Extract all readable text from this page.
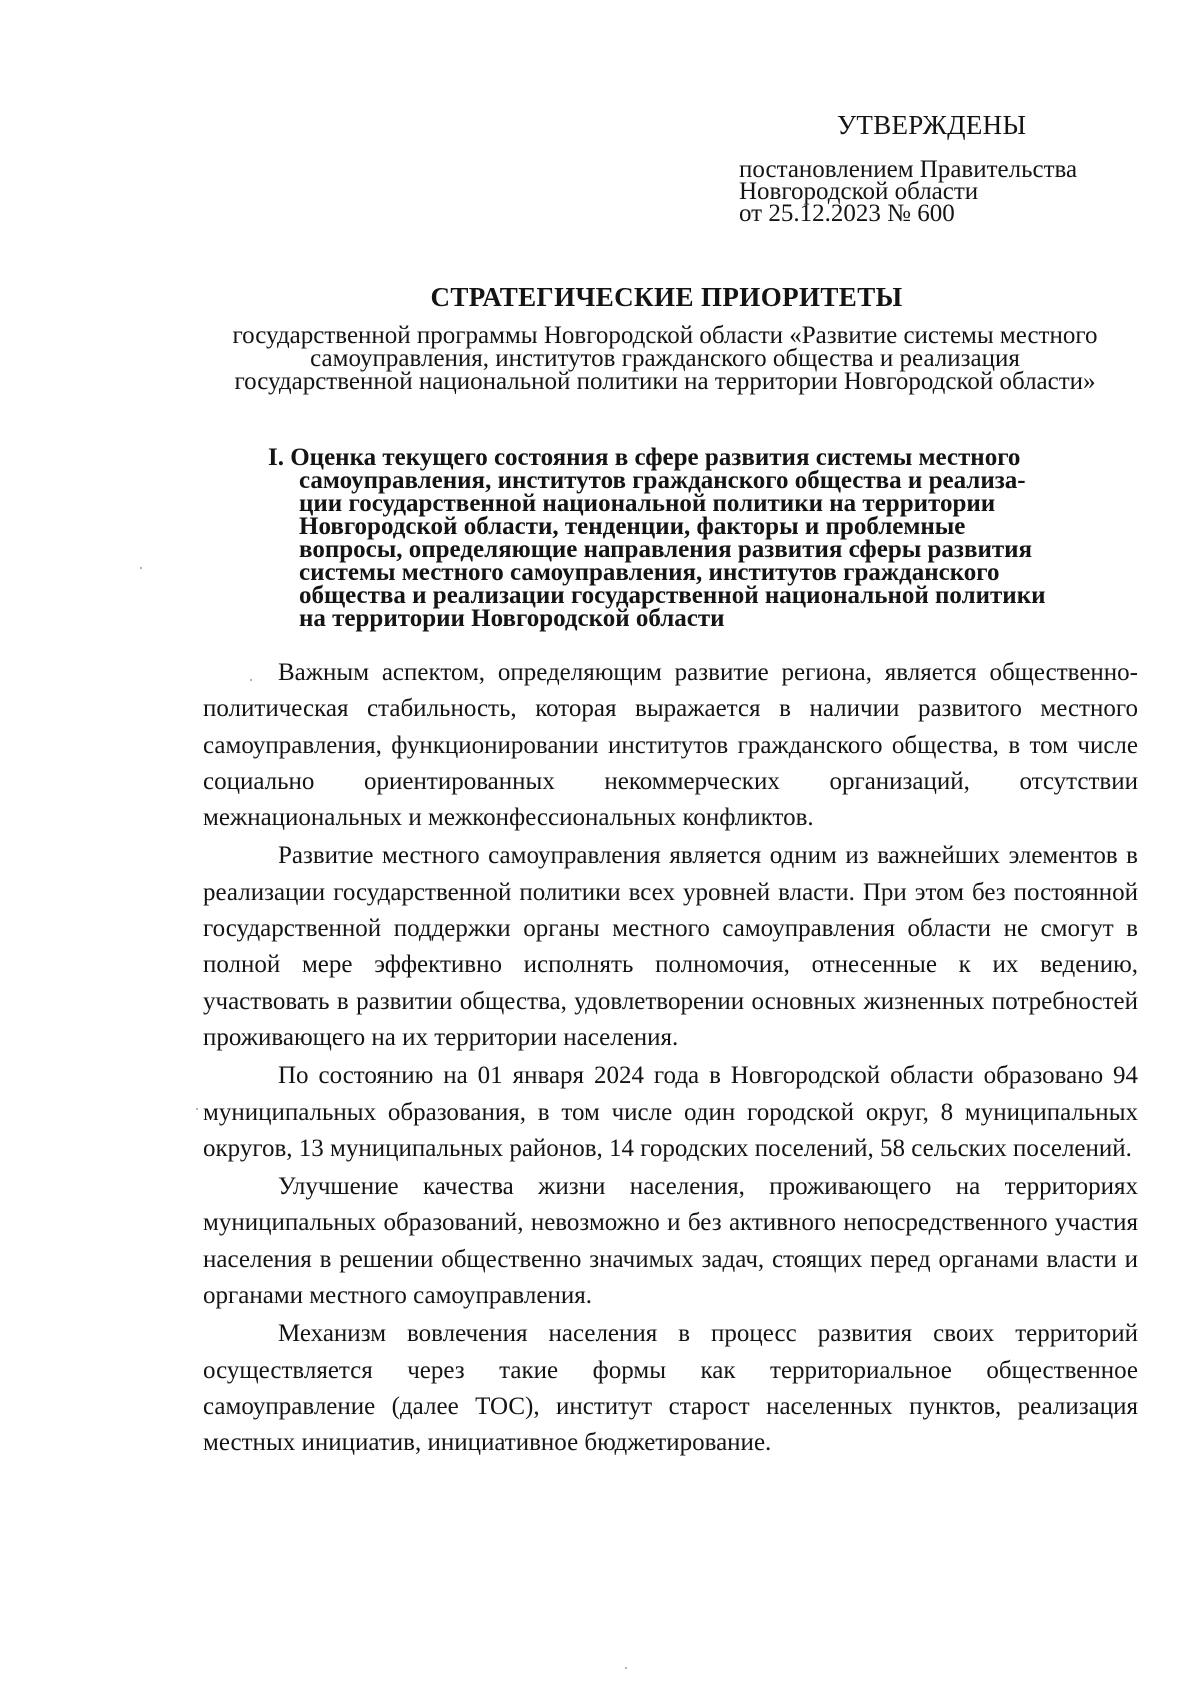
УТВЕРЖДЕНЫ

постановлением Правительства

Новгородской области

от 25.12.2023 № 600

СТРАТЕГИЧЕСКИЕ ПРИОРИТЕТЫ

государственной программы Новгородской области «Развитие системы местного

самоуправления, институтов гражданского общества и реализация

государственной национальной политики на территории Новгородской области»

I. Оценка текущего состояния в сфере развития системы местного

самоуправления, институтов гражданского общества и реализа-

ции государственной национальной политики на территории

Новгородской области, тенденции, факторы и проблемные

вопросы, определяющие направления развития сферы развития

системы местного самоуправления, институтов гражданского

общества и реализации государственной национальной политики

на территории Новгородской области

Важным аспектом, определяющим развитие региона, является общественно-политическая стабильность, которая выражается в наличии развитого местного самоуправления, функционировании институтов гражданского общества, в том числе социально ориентированных некоммерческих организаций, отсутствии межнациональных и межконфессиональных конфликтов.

Развитие местного самоуправления является одним из важнейших элементов в реализации государственной политики всех уровней власти. При этом без постоянной государственной поддержки органы местного самоуправления области не смогут в полной мере эффективно исполнять полномочия, отнесенные к их ведению, участвовать в развитии общества, удовлетворении основных жизненных потребностей проживающего на их территории населения.

По состоянию на 01 января 2024 года в Новгородской области образовано 94 муниципальных образования, в том числе один городской округ, 8 муниципальных округов, 13 муниципальных районов, 14 городских поселений, 58 сельских поселений.

Улучшение качества жизни населения, проживающего на территориях муниципальных образований, невозможно и без активного непосредственного участия населения в решении общественно значимых задач, стоящих перед органами власти и органами местного самоуправления.

Механизм вовлечения населения в процесс развития своих территорий осуществляется через такие формы как территориальное общественное самоуправление (далее ТОС), институт старост населенных пунктов, реализация местных инициатив, инициативное бюджетирование.
